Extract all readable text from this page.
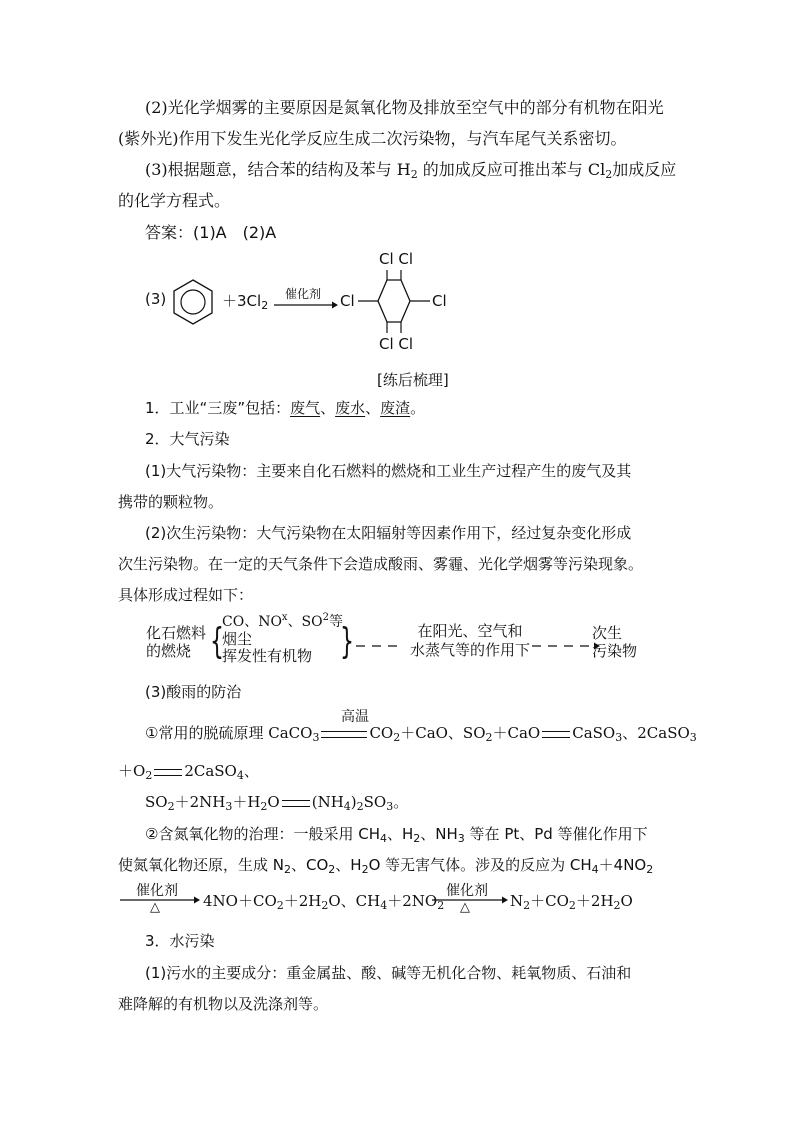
(2)光化学烟雾的主要原因是氮氧化物及排放至空气中的部分有机物在阳光
(紫外光)作用下发生光化学反应生成二次污染物，与汽车尾气关系密切。
(3)根据题意，结合苯的结构及苯与 $H_2$ 的加成反应可推出苯与 $Cl_2$加成反应
的化学方程式。
答案：(1)A　(2)A
(3)	$+3Cl_2$
催化剂
Cl Cl
Cl Cl
Cl	Cl
[练后梳理]
1．工业“三废”包括：废气、废水、废渣。
2．大气污染
(1)大气污染物：主要来自化石燃料的燃烧和工业生产过程产生的废气及其
携带的颗粒物。
(2)次生污染物：大气污染物在太阳辐射等因素作用下，经过复杂变化形成
次生污染物。在一定的天气条件下会造成酸雨、雾霾、光化学烟雾等污染现象。
具体形成过程如下：
化石燃料
的燃烧 {
CO、$NO^x$、$SO^2$等
烟尘
挥发性有机物	}	在阳光、空气和
水蒸气等的作用下
次生
污染物
(3)酸雨的防治
高温
①常用的脱硫原理 CaCO$_3$	$CO_2+CaO$、$SO_2+CaO$ CaSO$_3$、2CaSO$_3$
$+O_2$ 2CaSO$_4$、
$SO_2+2NH_3+H_2O$ $(NH_4)_2SO_3$。
②含氮氧化物的治理：一般采用 $CH_4$、$H_2$、$NH_3$ 等在 Pt、Pd 等催化作用下
使氮氧化物还原，生成 $N_2$、$CO_2$、$H_2O$ 等无害气体。涉及的反应为 $CH_4+4NO_2$
催化剂
△	$4NO+CO_2+2H_2O$、$CH_4+2NO_2$
催化剂
△	$N_2+CO_2+2H_2O$
3．水污染
(1)污水的主要成分：重金属盐、酸、碱等无机化合物、耗氧物质、石油和
难降解的有机物以及洗涤剂等。
